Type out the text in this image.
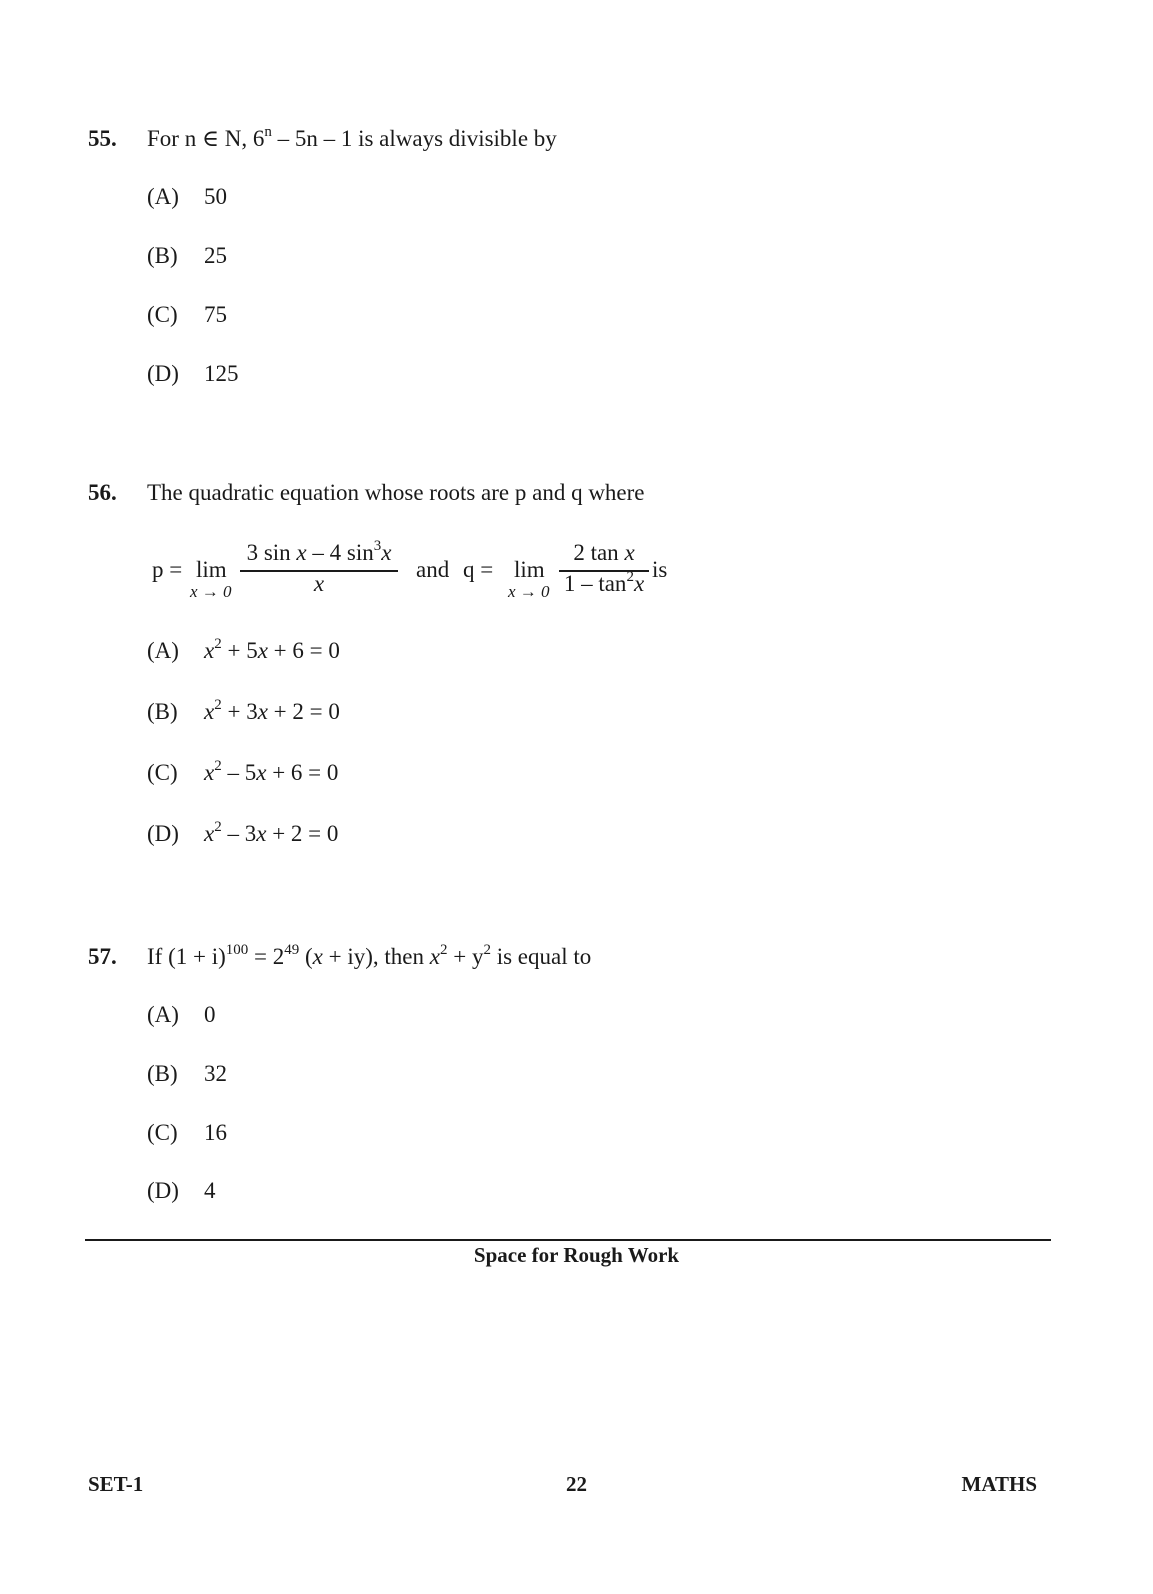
55. For n ∈ N, 6$^n$ – 5n – 1 is always divisible by
(A) 50
(B) 25
(C) 75
(D) 125
56. The quadratic equation whose roots are p and q where
p = lim
x → 0
3 sin x – 4 $\sin^3x$
x
and q = lim
x → 0
2 tan x
$1 - \tan^2x$
is
(A) $x^2 + 5x + 6 = 0$
(B) $x^2 + 3x + 2 = 0$
(C) $x^2 - 5x + 6 = 0$
(D) $x^2 - 3x + 2 = 0$
57. If $(1 + i)^{100} = 2^{49}$ (x + iy), then $x^2 + y^2$ is equal to
(A) 0
(B) 32
(C) 16
(D) 4
Space for Rough Work
SET-1	22	MATHS
